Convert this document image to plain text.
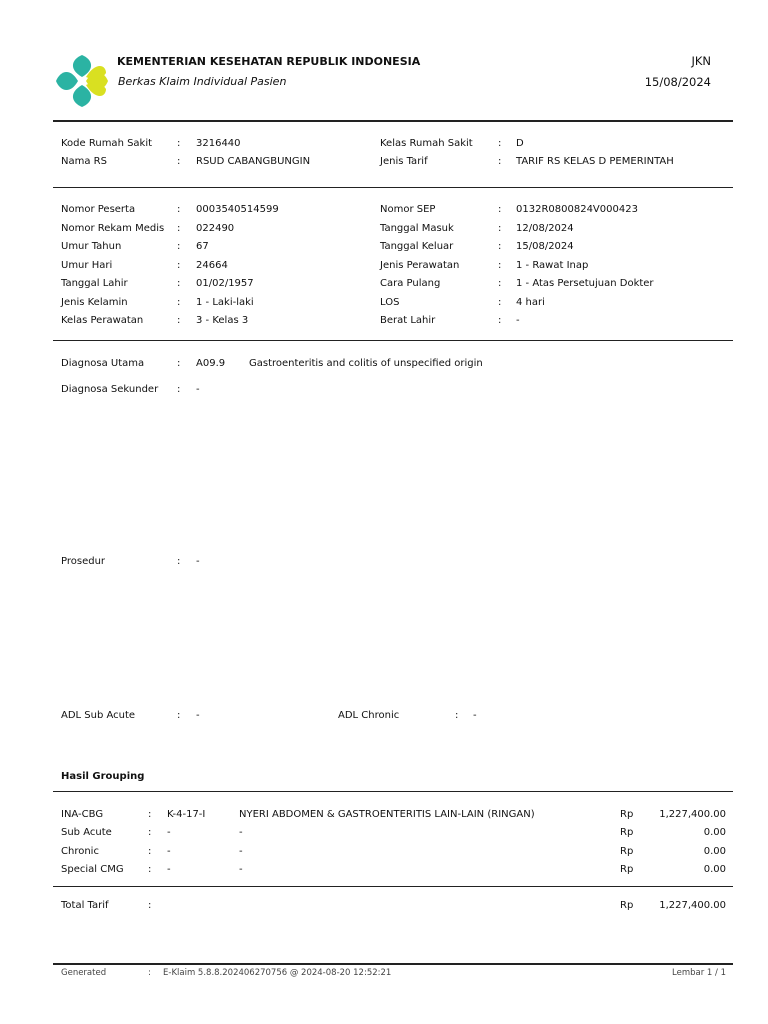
KEMENTERIAN KESEHATAN REPUBLIK INDONESIA
Berkas Klaim Individual Pasien
JKN
15/08/2024
Kode Rumah Sakit : 3216440
Nama RS	: RSUD CABANGBUNGIN
Kelas Rumah Sakit	: D
Jenis Tarif	: TARIF RS KELAS D PEMERINTAH
Nomor Peserta	: 0003540514599
Nomor Rekam Medis : 022490
Umur Tahun	: 67
Umur Hari	: 24664
Tanggal Lahir	: 01/02/1957
Jenis Kelamin	: 1 - Laki-laki
Kelas Perawatan	: 3 - Kelas 3
Nomor SEP	: 0132R0800824V000423
Tanggal Masuk	: 12/08/2024
Tanggal Keluar	: 15/08/2024
Jenis Perawatan	: 1 - Rawat Inap
Cara Pulang	: 1 - Atas Persetujuan Dokter
LOS	: 4 hari
Berat Lahir	: -
Diagnosa Utama	: A09.9 Gastroenteritis and colitis of unspecified origin
Diagnosa Sekunder : -
Prosedur	: -
ADL Sub Acute	: -	ADL Chronic	: -
Hasil Grouping
INA-CBG	: K-4-17-I	NYERI ABDOMEN & GASTROENTERITIS LAIN-LAIN (RINGAN)	Rp	1,227,400.00
Sub Acute	: -	-	Rp	0.00
Chronic	: -	-	Rp	0.00
Special CMG : -	-	Rp	0.00
Total Tarif	:	Rp	1,227,400.00
Generated	: E-Klaim 5.8.8.202406270756 @ 2024-08-20 12:52:21	Lembar 1 / 1
